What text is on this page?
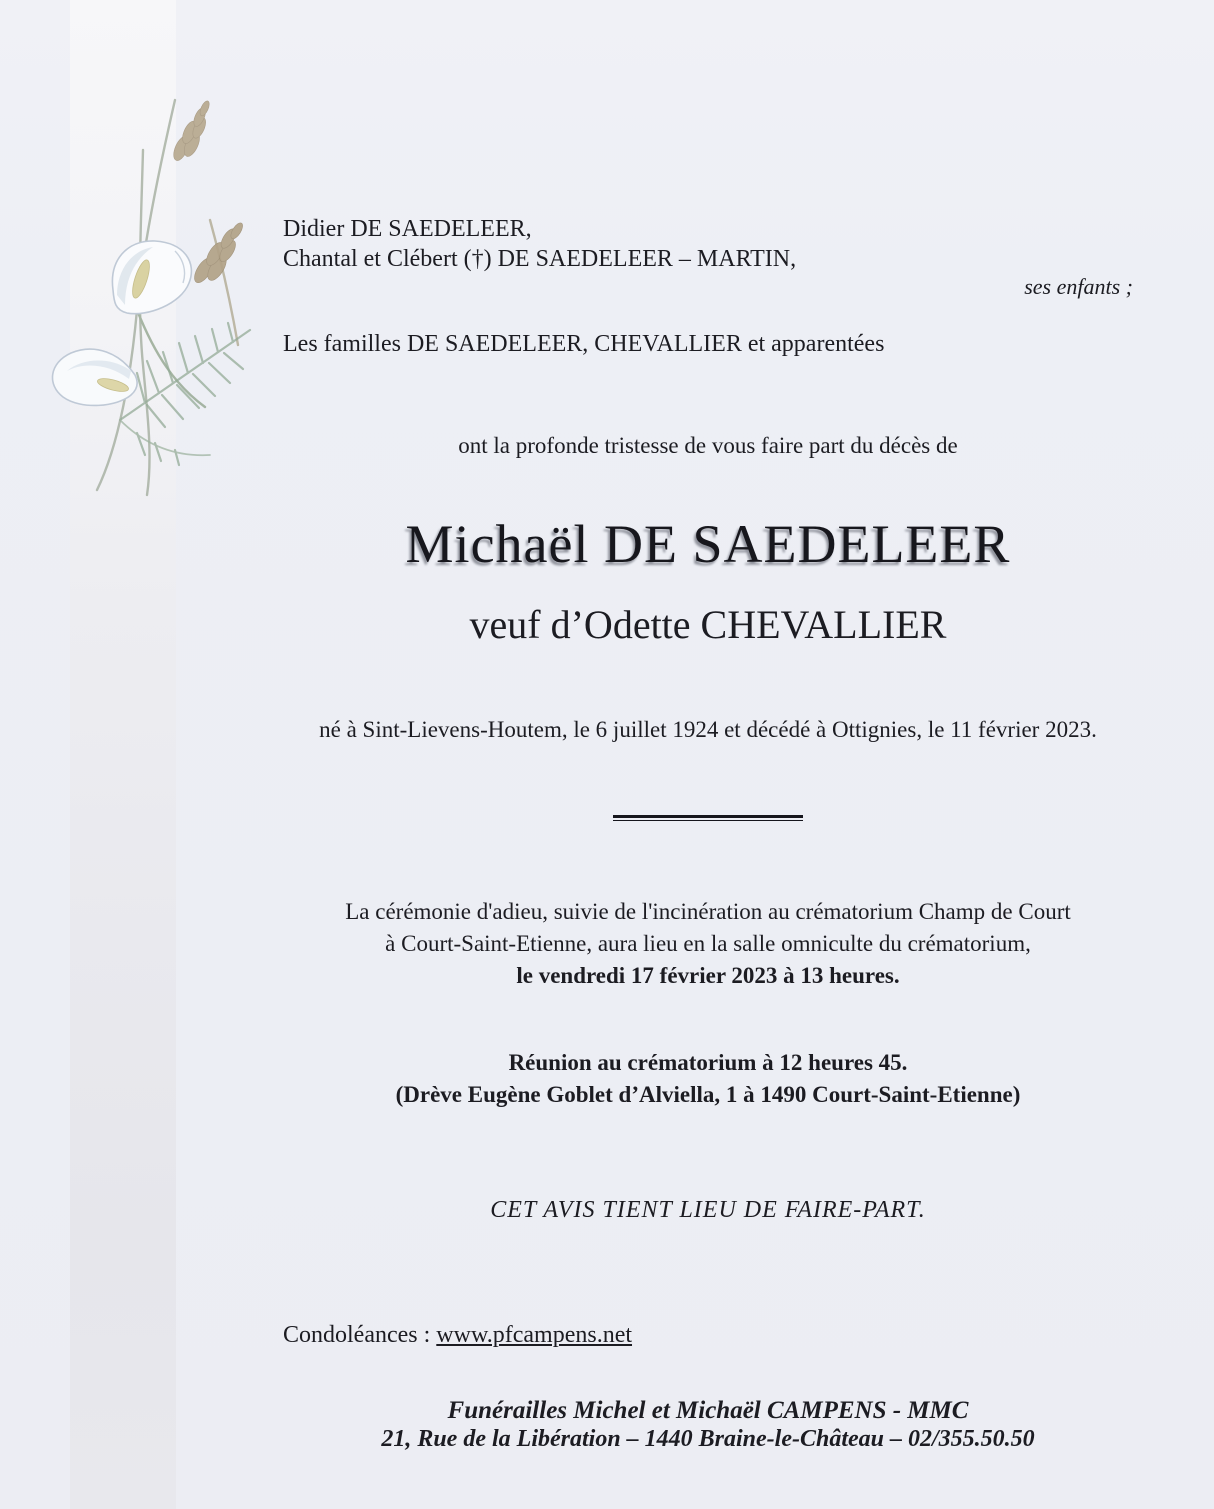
Didier DE SAEDELEER,
Chantal et Clébert (†) DE SAEDELEER – MARTIN,
ses enfants ;
Les familles DE SAEDELEER, CHEVALLIER et apparentées
ont la profonde tristesse de vous faire part du décès de
Michaël DE SAEDELEER
veuf d’Odette CHEVALLIER
né à Sint-Lievens-Houtem, le 6 juillet 1924 et décédé à Ottignies, le 11 février 2023.
La cérémonie d'adieu, suivie de l'incinération au crématorium Champ de Court
à Court-Saint-Etienne, aura lieu en la salle omniculte du crématorium,
le vendredi 17 février 2023 à 13 heures.
Réunion au crématorium à 12 heures 45.
(Drève Eugène Goblet d’Alviella, 1 à 1490 Court-Saint-Etienne)
CET AVIS TIENT LIEU DE FAIRE-PART.
Condoléances : www.pfcampens.net
Funérailles Michel et Michaël CAMPENS - MMC
21, Rue de la Libération – 1440 Braine-le-Château – 02/355.50.50
